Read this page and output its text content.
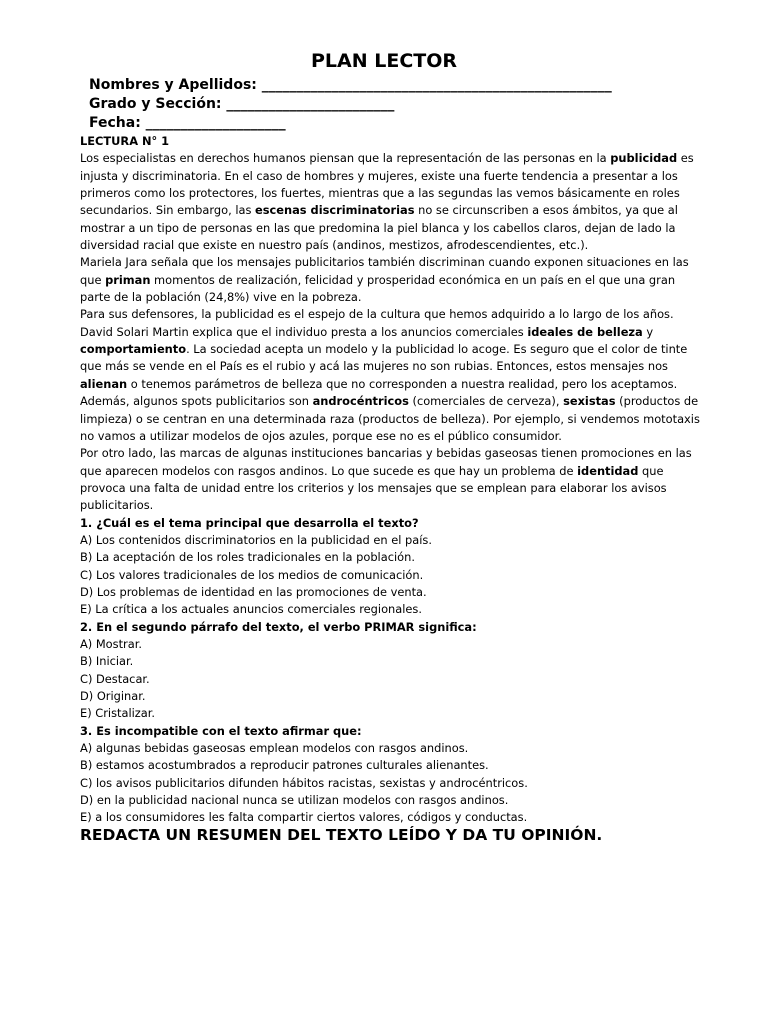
PLAN LECTOR
Nombres y Apellidos: __________________________________________________
Grado y Sección: ________________________
Fecha: ____________________

LECTURA N° 1

Los especialistas en derechos humanos piensan que la representación de las personas en la publicidad es injusta y discriminatoria. En el caso de hombres y mujeres, existe una fuerte tendencia a presentar a los primeros como los protectores, los fuertes, mientras que a las segundas las vemos básicamente en roles secundarios. Sin embargo, las escenas discriminatorias no se circunscriben a esos ámbitos, ya que al mostrar a un tipo de personas en las que predomina la piel blanca y los cabellos claros, dejan de lado la diversidad racial que existe en nuestro país (andinos, mestizos, afrodescendientes, etc.).

Mariela Jara señala que los mensajes publicitarios también discriminan cuando exponen situaciones en las que priman momentos de realización, felicidad y prosperidad económica en un país en el que una gran parte de la población (24,8%) vive en la pobreza.

Para sus defensores, la publicidad es el espejo de la cultura que hemos adquirido a lo largo de los años. David Solari Martin explica que el individuo presta a los anuncios comerciales ideales de belleza y comportamiento. La sociedad acepta un modelo y la publicidad lo acoge. Es seguro que el color de tinte que más se vende en el País es el rubio y acá las mujeres no son rubias. Entonces, estos mensajes nos alienan o tenemos parámetros de belleza que no corresponden a nuestra realidad, pero los aceptamos. Además, algunos spots publicitarios son androcéntricos (comerciales de cerveza), sexistas (productos de limpieza) o se centran en una determinada raza (productos de belleza). Por ejemplo, si vendemos mototaxis no vamos a utilizar modelos de ojos azules, porque ese no es el público consumidor.

Por otro lado, las marcas de algunas instituciones bancarias y bebidas gaseosas tienen promociones en las que aparecen modelos con rasgos andinos. Lo que sucede es que hay un problema de identidad que provoca una falta de unidad entre los criterios y los mensajes que se emplean para elaborar los avisos publicitarios.

1. ¿Cuál es el tema principal que desarrolla el texto?

A) Los contenidos discriminatorios en la publicidad en el país.

B) La aceptación de los roles tradicionales en la población.

C) Los valores tradicionales de los medios de comunicación.

D) Los problemas de identidad en las promociones de venta.

E) La crítica a los actuales anuncios comerciales regionales.

2. En el segundo párrafo del texto, el verbo PRIMAR significa:

A) Mostrar.

B) Iniciar.

C) Destacar.

D) Originar.

E) Cristalizar.

3. Es incompatible con el texto afirmar que:

A) algunas bebidas gaseosas emplean modelos con rasgos andinos.

B) estamos acostumbrados a reproducir patrones culturales alienantes.

C) los avisos publicitarios difunden hábitos racistas, sexistas y androcéntricos.

D) en la publicidad nacional nunca se utilizan modelos con rasgos andinos.

E) a los consumidores les falta compartir ciertos valores, códigos y conductas.

REDACTA UN RESUMEN DEL TEXTO LEÍDO Y DA TU OPINIÓN.
